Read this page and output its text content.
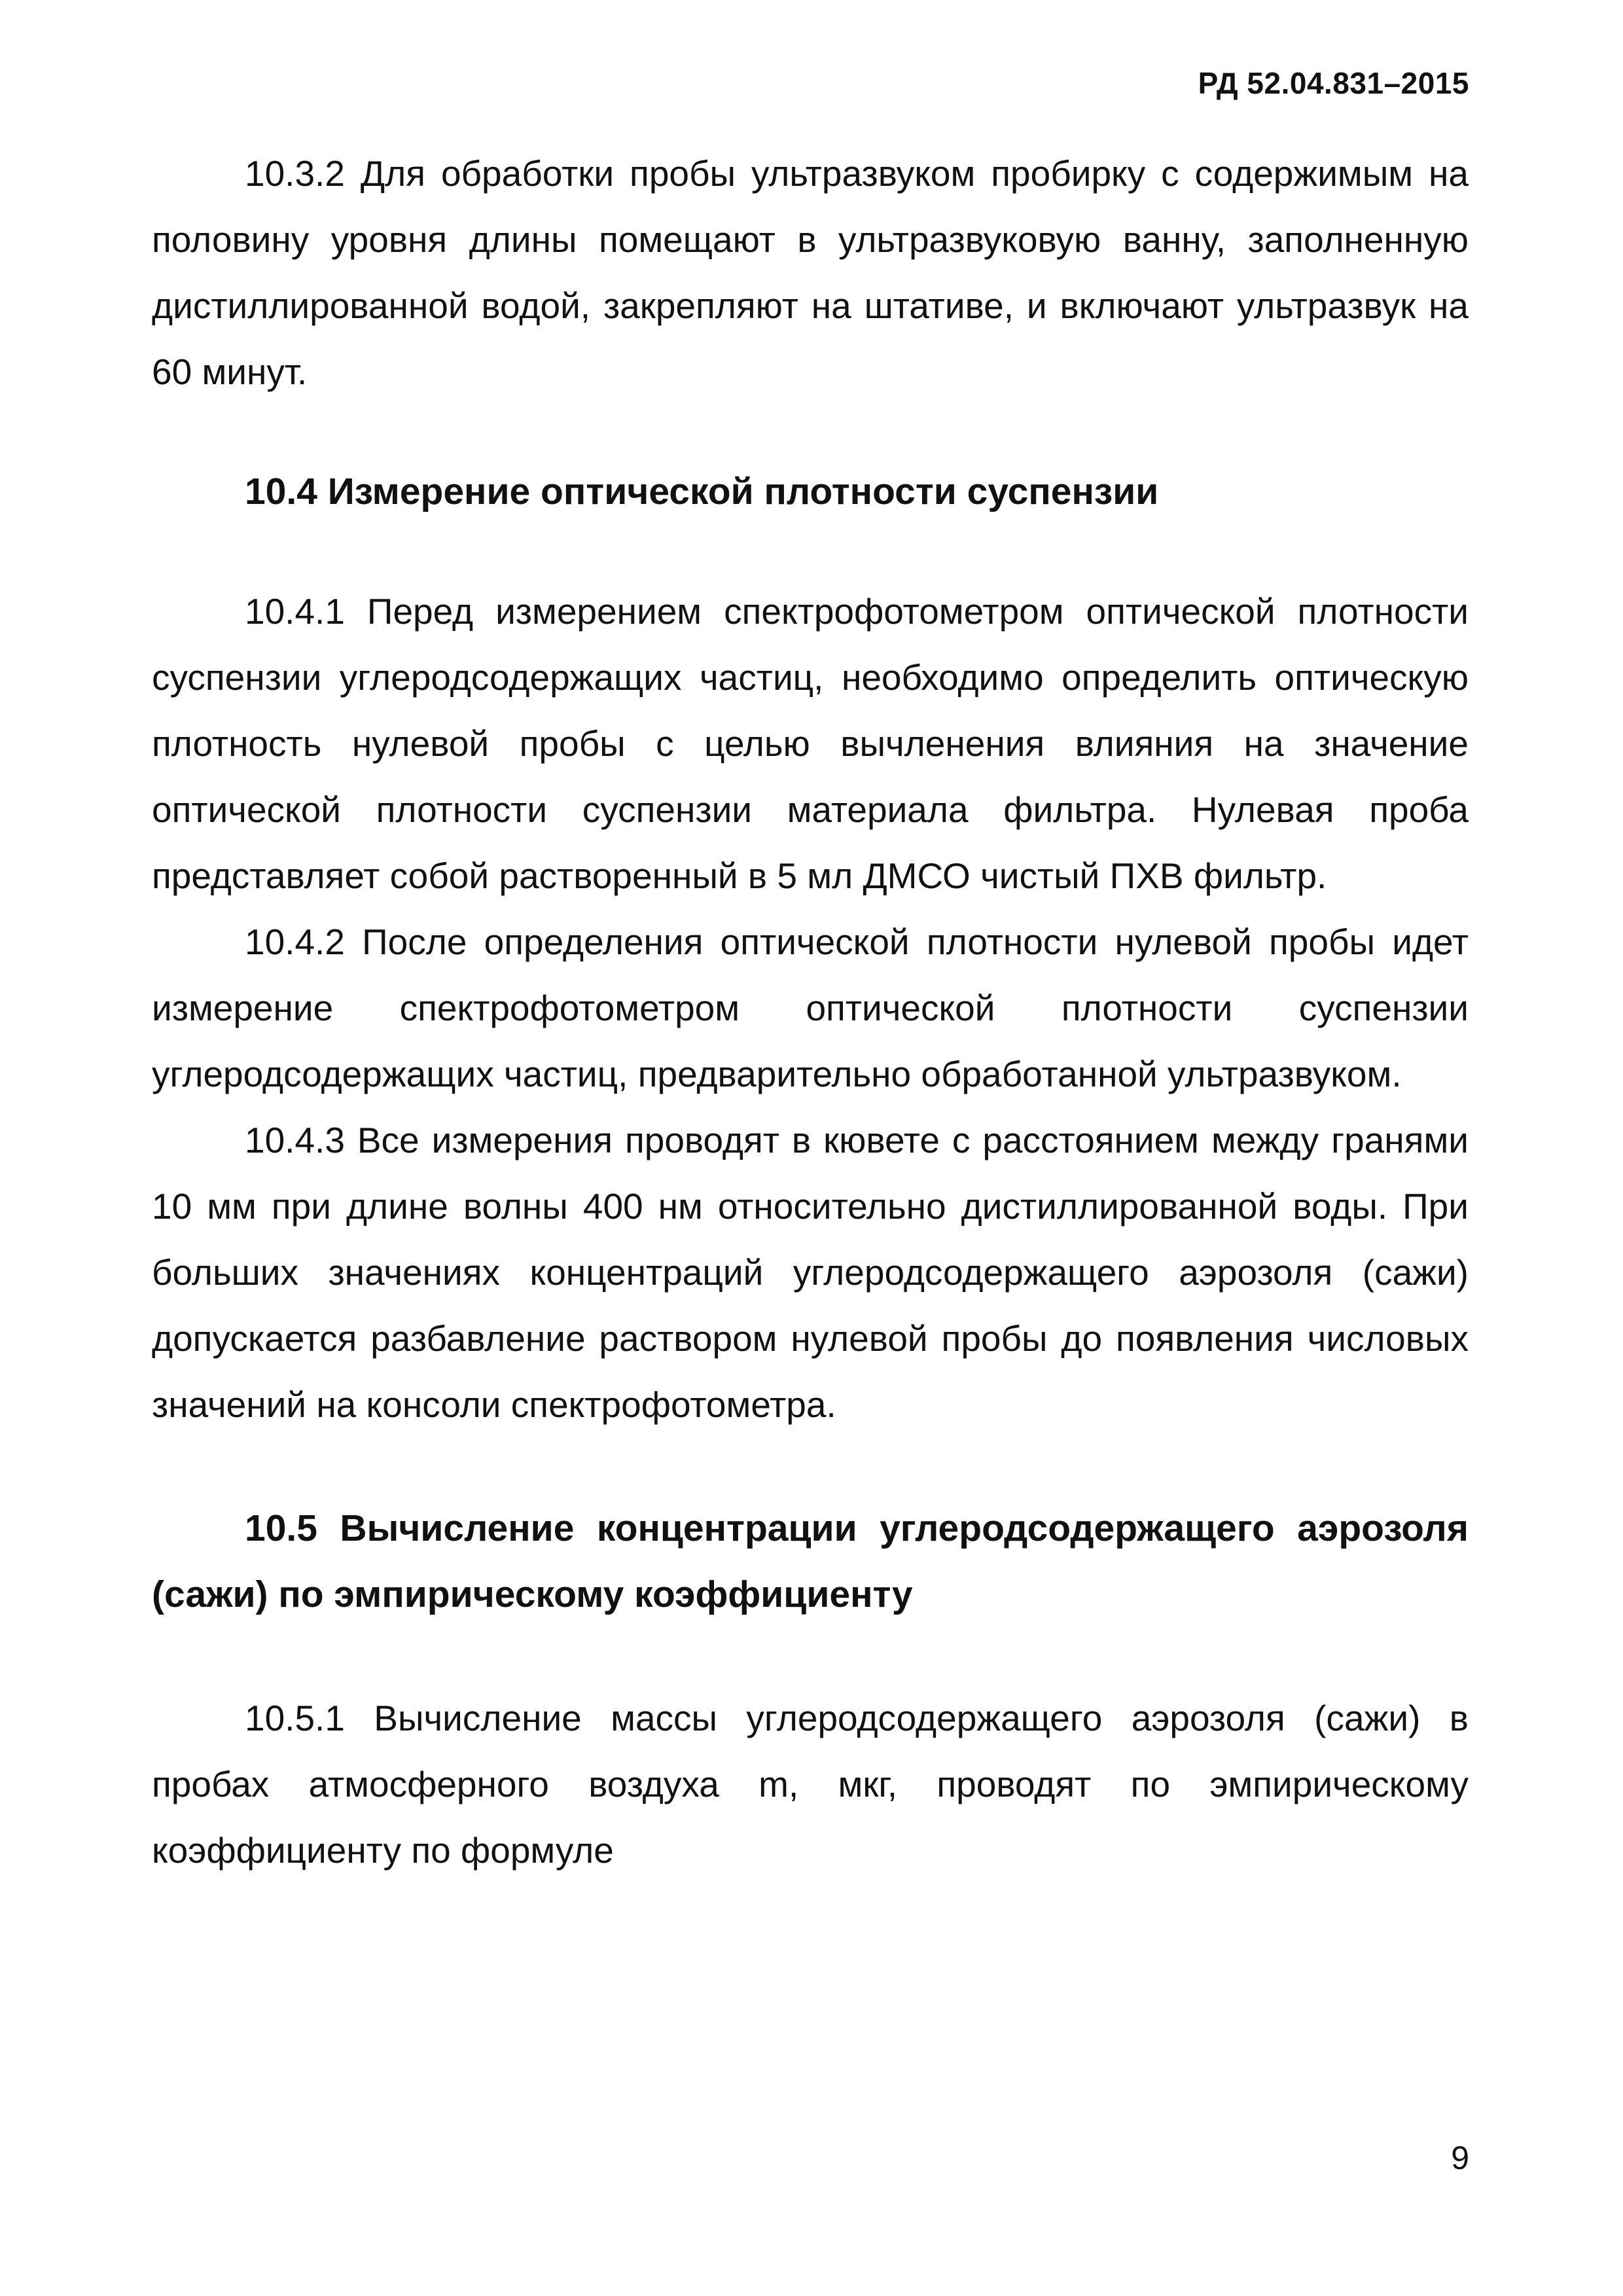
РД 52.04.831–2015

10.3.2 Для обработки пробы ультразвуком пробирку с содержимым на половину уровня длины помещают в ультразвуковую ванну, заполненную дистиллированной водой, закрепляют на штативе, и включают ультразвук на 60 минут.

10.4 Измерение оптической плотности суспензии

10.4.1 Перед измерением спектрофотометром оптической плотности суспензии углеродсодержащих частиц, необходимо определить оптическую плотность нулевой пробы с целью вычленения влияния на значение оптической плотности суспензии материала фильтра. Нулевая проба представляет собой растворенный в 5 мл ДМСО чистый ПХВ фильтр.

10.4.2 После определения оптической плотности нулевой пробы идет измерение спектрофотометром оптической плотности суспензии углеродсодержащих частиц, предварительно обработанной ультразвуком.

10.4.3 Все измерения проводят в кювете с расстоянием между гранями 10 мм при длине волны 400 нм относительно дистиллированной воды. При больших значениях концентраций углеродсодержащего аэрозоля (сажи) допускается разбавление раствором нулевой пробы до появления числовых значений на консоли спектрофотометра.

10.5 Вычисление концентрации углеродсодержащего аэрозоля (сажи) по эмпирическому коэффициенту

10.5.1 Вычисление массы углеродсодержащего аэрозоля (сажи) в пробах атмосферного воздуха m, мкг, проводят по эмпирическому коэффициенту по формуле

9
